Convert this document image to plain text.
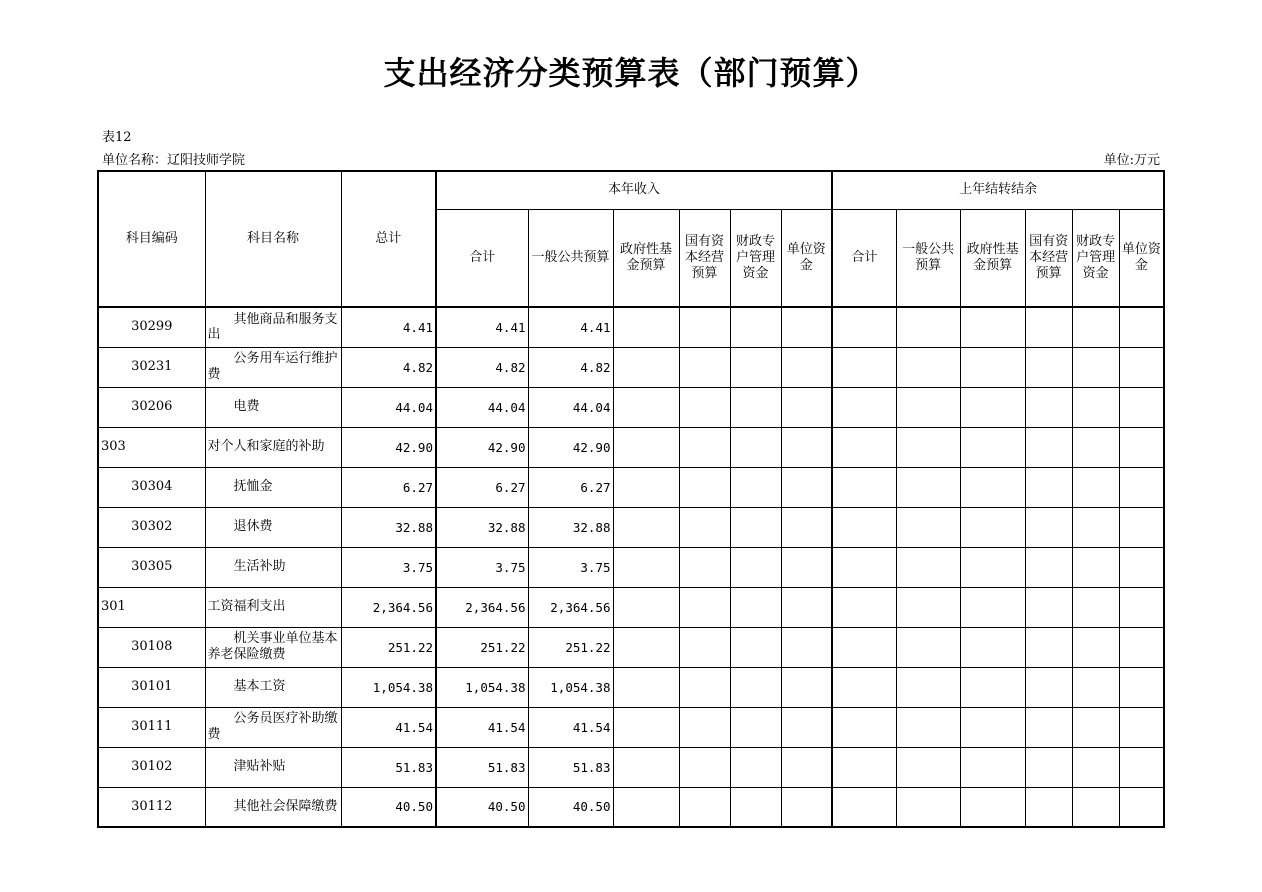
支出经济分类预算表（部门预算）
表12
单位名称：辽阳技师学院	单位:万元
科目编码	科目名称	总计	本年收入						上年结转结余					
			合计	一般公共预算	政府性基金预算	国有资本经营预算	财政专户管理资金	单位资金	合计	一般公共预算	政府性基金预算	国有资本经营预算	财政专户管理资金	单位资金
30299	其他商品和服务支出	4.41	4.41	4.41										
30231	公务用车运行维护费	4.82	4.82	4.82										
30206	电费	44.04	44.04	44.04										
303	对个人和家庭的补助	42.90	42.90	42.90										
30304	抚恤金	6.27	6.27	6.27										
30302	退休费	32.88	32.88	32.88										
30305	生活补助	3.75	3.75	3.75										
301	工资福利支出	2,364.56	2,364.56	2,364.56										
30108	机关事业单位基本养老保险缴费	251.22	251.22	251.22										
30101	基本工资	1,054.38	1,054.38	1,054.38										
30111	公务员医疗补助缴费	41.54	41.54	41.54										
30102	津贴补贴	51.83	51.83	51.83										
30112	其他社会保障缴费	40.50	40.50	40.50										
